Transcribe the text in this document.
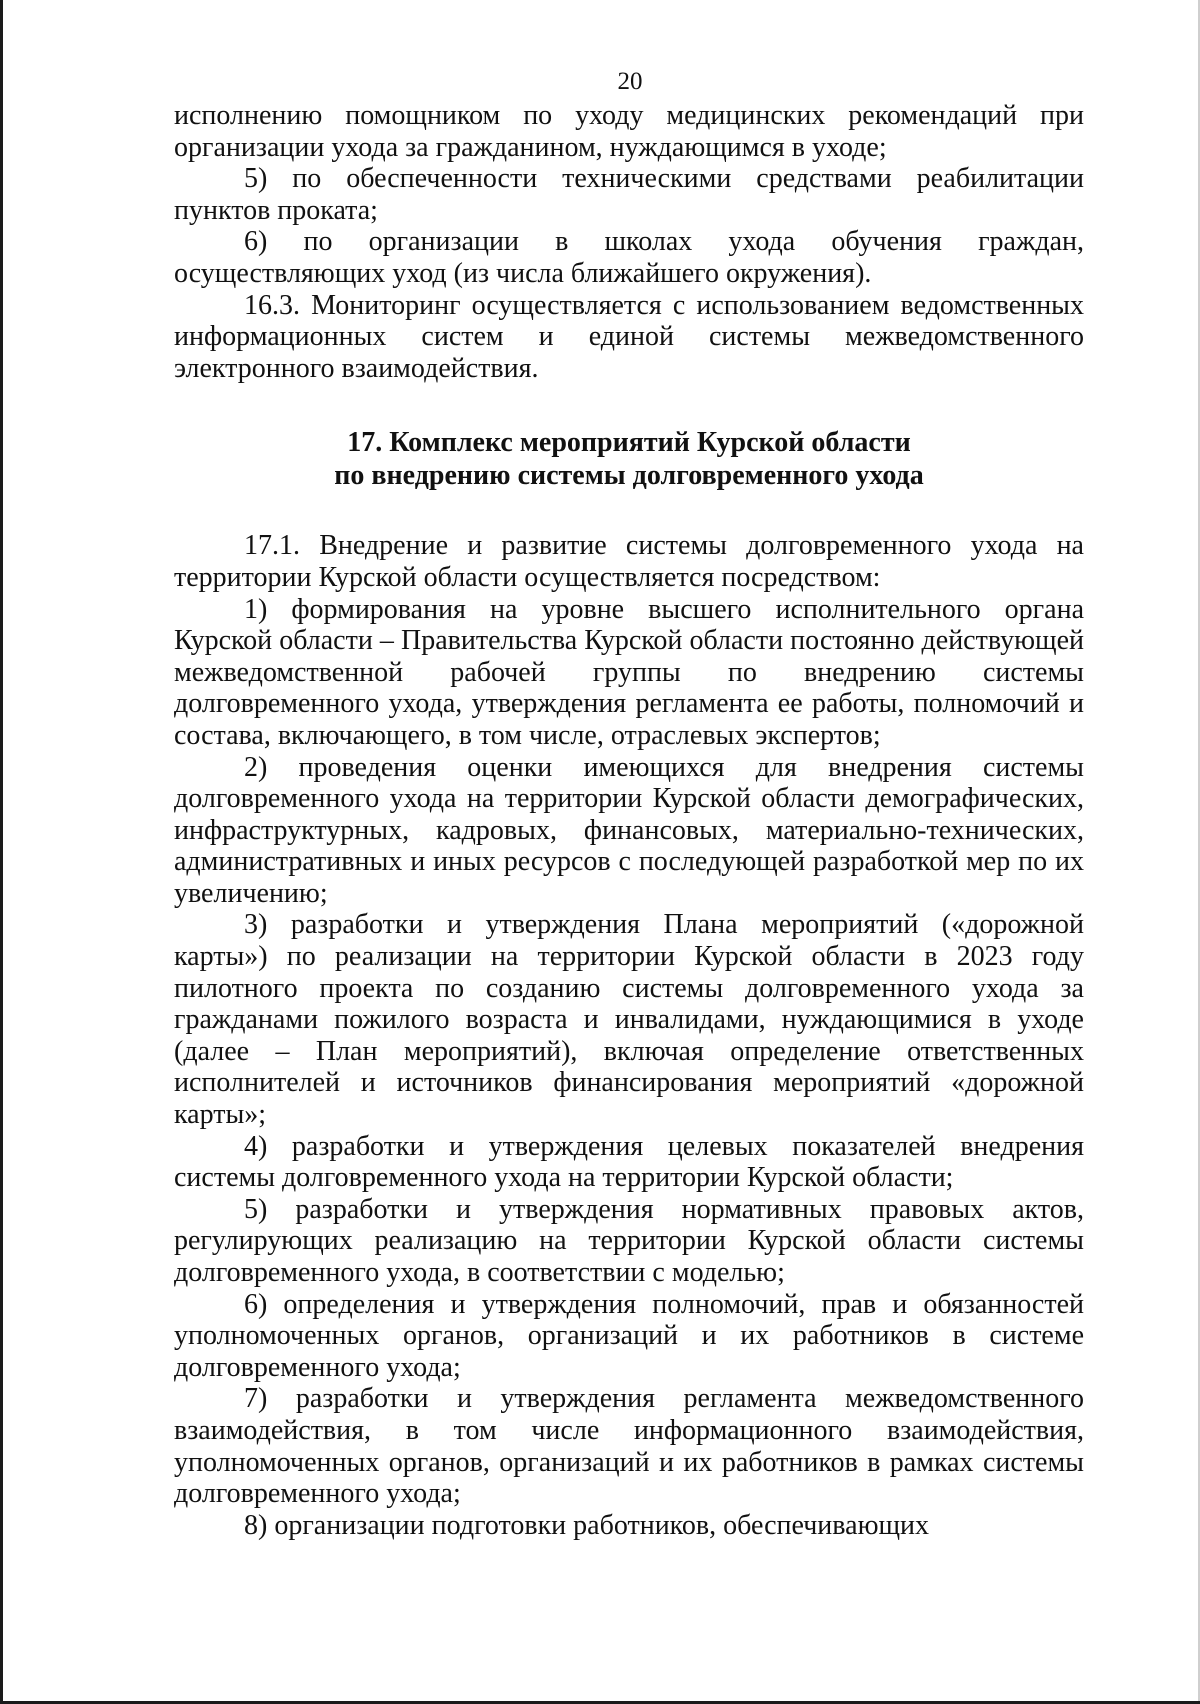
20

исполнению помощником по уходу медицинских рекомендаций при организации ухода за гражданином, нуждающимся в уходе;

5) по обеспеченности техническими средствами реабилитации пунктов проката;

6) по организации в школах ухода обучения граждан, осуществляющих уход (из числа ближайшего окружения).

16.3. Мониторинг осуществляется с использованием ведомственных информационных систем и единой системы межведомственного электронного взаимодействия.

17. Комплекс мероприятий Курской области
по внедрению системы долговременного ухода

17.1. Внедрение и развитие системы долговременного ухода на территории Курской области осуществляется посредством:

1) формирования на уровне высшего исполнительного органа Курской области – Правительства Курской области постоянно действующей межведомственной рабочей группы по внедрению системы долговременного ухода, утверждения регламента ее работы, полномочий и состава, включающего, в том числе, отраслевых экспертов;

2) проведения оценки имеющихся для внедрения системы долговременного ухода на территории Курской области демографических, инфраструктурных, кадровых, финансовых, материально-технических, административных и иных ресурсов с последующей разработкой мер по их увеличению;

3) разработки и утверждения Плана мероприятий («дорожной карты») по реализации на территории Курской области в 2023 году пилотного проекта по созданию системы долговременного ухода за гражданами пожилого возраста и инвалидами, нуждающимися в уходе (далее – План мероприятий), включая определение ответственных исполнителей и источников финансирования мероприятий «дорожной карты»;

4) разработки и утверждения целевых показателей внедрения системы долговременного ухода на территории Курской области;

5) разработки и утверждения нормативных правовых актов, регулирующих реализацию на территории Курской области системы долговременного ухода, в соответствии с моделью;

6) определения и утверждения полномочий, прав и обязанностей уполномоченных органов, организаций и их работников в системе долговременного ухода;

7) разработки и утверждения регламента межведомственного взаимодействия, в том числе информационного взаимодействия, уполномоченных органов, организаций и их работников в рамках системы долговременного ухода;

8) организации подготовки работников, обеспечивающих
